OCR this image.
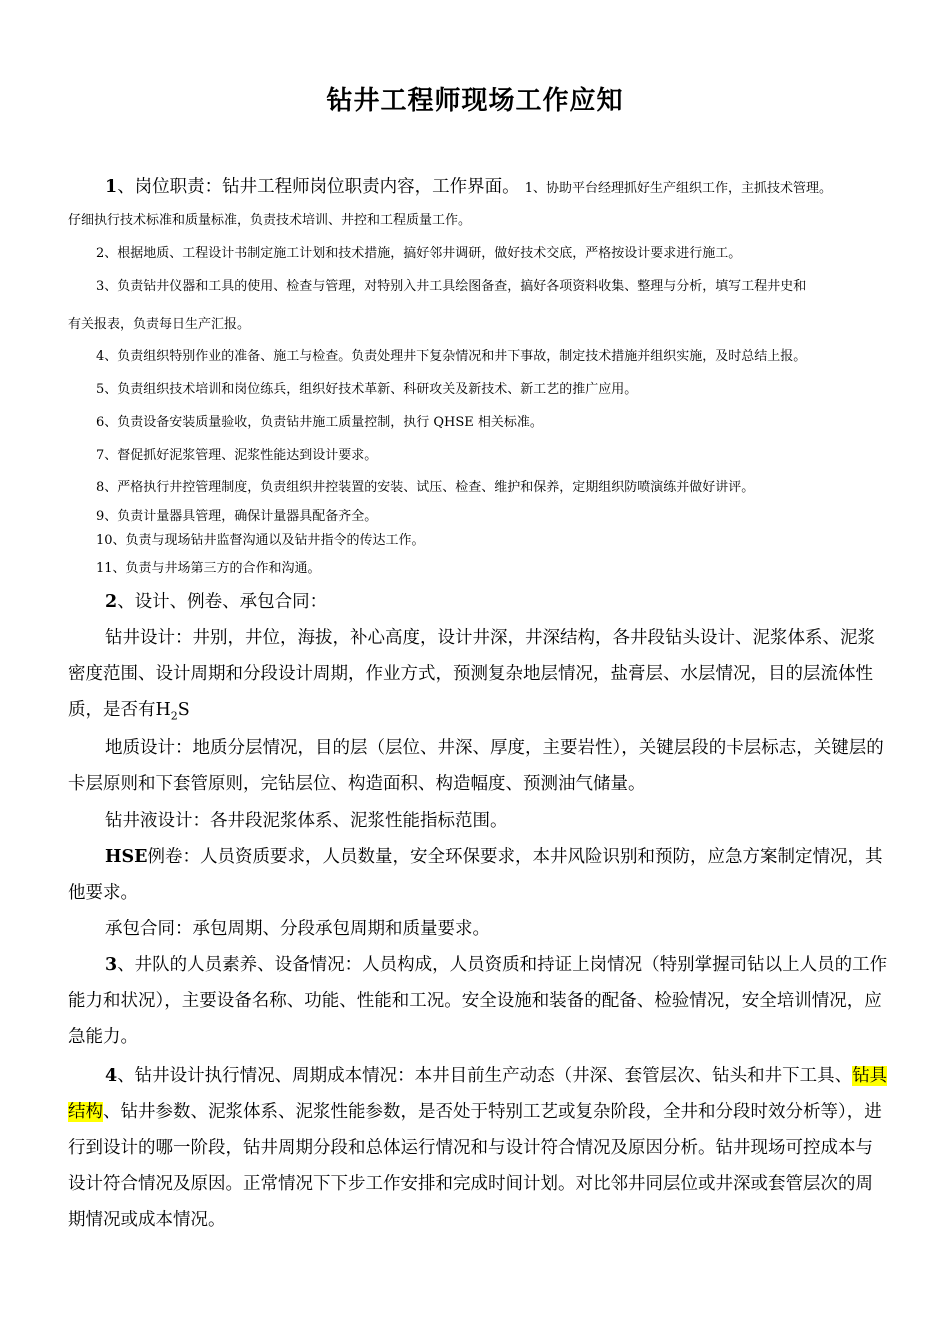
钻井工程师现场工作应知
1、岗位职责：钻井工程师岗位职责内容，工作界面。 1、协助平台经理抓好生产组织工作，主抓技术管理。
仔细执行技术标准和质量标准，负责技术培训、井控和工程质量工作。
2、根据地质、工程设计书制定施工计划和技术措施，搞好邻井调研，做好技术交底，严格按设计要求进行施工。
3、负责钻井仪器和工具的使用、检查与管理，对特别入井工具绘图备查，搞好各项资料收集、整理与分析，填写工程井史和
有关报表，负责每日生产汇报。
4、负责组织特别作业的准备、施工与检查。负责处理井下复杂情况和井下事故，制定技术措施并组织实施，及时总结上报。
5、负责组织技术培训和岗位练兵，组织好技术革新、科研攻关及新技术、新工艺的推广应用。
6、负责设备安装质量验收，负责钻井施工质量控制，执行 QHSE 相关标准。
7、督促抓好泥浆管理、泥浆性能达到设计要求。
8、严格执行井控管理制度，负责组织井控装置的安装、试压、检查、维护和保养，定期组织防喷演练并做好讲评。
9、负责计量器具管理，确保计量器具配备齐全。
10、负责与现场钻井监督沟通以及钻井指令的传达工作。
11、负责与井场第三方的合作和沟通。
2、设计、例卷、承包合同：
钻井设计：井别，井位，海拔，补心高度，设计井深，井深结构，各井段钻头设计、泥浆体系、泥浆密度范围、设计周期和分段设计周期，作业方式，预测复杂地层情况，盐膏层、水层情况，目的层流体性质，是否有$H_2S$
地质设计：地质分层情况，目的层（层位、井深、厚度，主要岩性），关键层段的卡层标志，关键层的卡层原则和下套管原则，完钻层位、构造面积、构造幅度、预测油气储量。
钻井液设计：各井段泥浆体系、泥浆性能指标范围。
HSE例卷：人员资质要求，人员数量，安全环保要求，本井风险识别和预防，应急方案制定情况，其他要求。
承包合同：承包周期、分段承包周期和质量要求。
3、井队的人员素养、设备情况：人员构成，人员资质和持证上岗情况（特别掌握司钻以上人员的工作能力和状况），主要设备名称、功能、性能和工况。安全设施和装备的配备、检验情况，安全培训情况，应急能力。
4、钻井设计执行情况、周期成本情况：本井目前生产动态（井深、套管层次、钻头和井下工具、钻具结构、钻井参数、泥浆体系、泥浆性能参数，是否处于特别工艺或复杂阶段，全井和分段时效分析等），进行到设计的哪一阶段，钻井周期分段和总体运行情况和与设计符合情况及原因分析。钻井现场可控成本与设计符合情况及原因。正常情况下下步工作安排和完成时间计划。对比邻井同层位或井深或套管层次的周期情况或成本情况。
